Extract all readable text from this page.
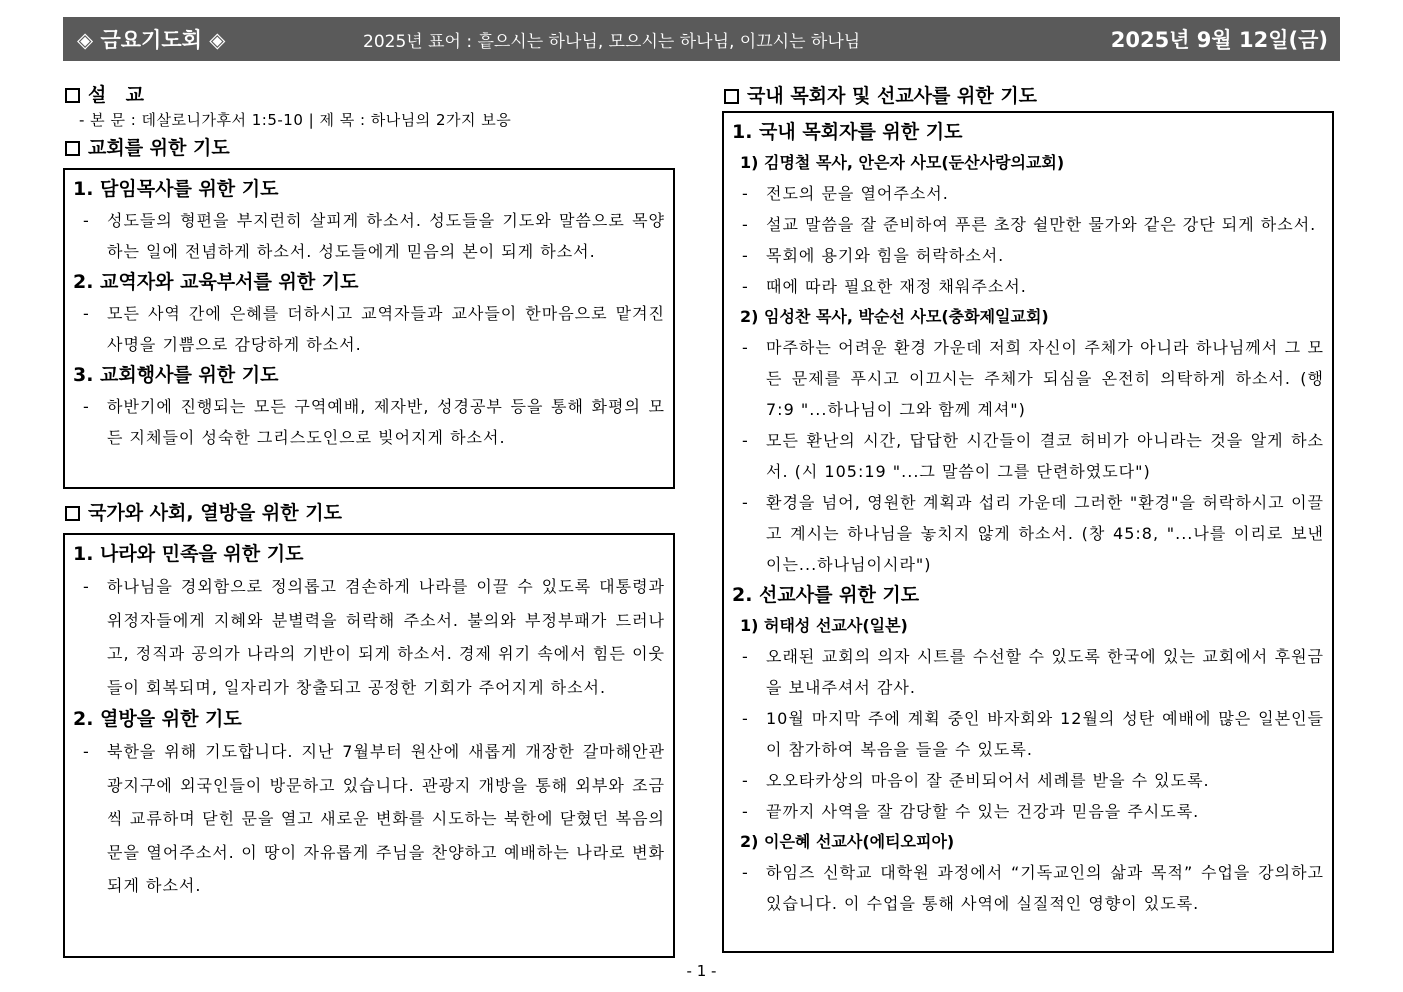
◈ 금요기도회 ◈	2025년 표어 : 흩으시는 하나님, 모으시는 하나님, 이끄시는 하나님	2025년 9월 12일(금)
설  교
- 본 문 : 데살로니가후서 1:5-10 | 제 목 : 하나님의 2가지 보응
교회를 위한 기도
1. 담임목사를 위한 기도
- 성도들의 형편을 부지런히 살피게 하소서. 성도들을 기도와 말씀으로 목양하는 일에 전념하게 하소서. 성도들에게 믿음의 본이 되게 하소서.
2. 교역자와 교육부서를 위한 기도
- 모든 사역 간에 은혜를 더하시고 교역자들과 교사들이 한마음으로 맡겨진 사명을 기쁨으로 감당하게 하소서.
3. 교회행사를 위한 기도
- 하반기에 진행되는 모든 구역예배, 제자반, 성경공부 등을 통해 화평의 모든 지체들이 성숙한 그리스도인으로 빚어지게 하소서.
국가와 사회, 열방을 위한 기도
1. 나라와 민족을 위한 기도
- 하나님을 경외함으로 정의롭고 겸손하게 나라를 이끌 수 있도록 대통령과 위정자들에게 지혜와 분별력을 허락해 주소서. 불의와 부정부패가 드러나고, 정직과 공의가 나라의 기반이 되게 하소서. 경제 위기 속에서 힘든 이웃들이 회복되며, 일자리가 창출되고 공정한 기회가 주어지게 하소서.
2. 열방을 위한 기도
- 북한을 위해 기도합니다. 지난 7월부터 원산에 새롭게 개장한 갈마해안관광지구에 외국인들이 방문하고 있습니다. 관광지 개방을 통해 외부와 조금씩 교류하며 닫힌 문을 열고 새로운 변화를 시도하는 북한에 닫혔던 복음의 문을 열어주소서. 이 땅이 자유롭게 주님을 찬양하고 예배하는 나라로 변화되게 하소서.
국내 목회자 및 선교사를 위한 기도
1. 국내 목회자를 위한 기도
1) 김명철 목사, 안은자 사모(둔산사랑의교회)
- 전도의 문을 열어주소서.
- 설교 말씀을 잘 준비하여 푸른 초장 쉴만한 물가와 같은 강단 되게 하소서.
- 목회에 용기와 힘을 허락하소서.
- 때에 따라 필요한 재정 채워주소서.
2) 임성찬 목사, 박순선 사모(충화제일교회)
- 마주하는 어려운 환경 가운데 저희 자신이 주체가 아니라 하나님께서 그 모든 문제를 푸시고 이끄시는 주체가 되심을 온전히 의탁하게 하소서. (행 7:9 "...하나님이 그와 함께 계셔")
- 모든 환난의 시간, 답답한 시간들이 결코 허비가 아니라는 것을 알게 하소서. (시 105:19 "...그 말씀이 그를 단련하였도다")
- 환경을 넘어, 영원한 계획과 섭리 가운데 그러한 "환경"을 허락하시고 이끌고 계시는 하나님을 놓치지 않게 하소서. (창 45:8, "...나를 이리로 보낸 이는...하나님이시라")
2. 선교사를 위한 기도
1) 허태성 선교사(일본)
- 오래된 교회의 의자 시트를 수선할 수 있도록 한국에 있는 교회에서 후원금을 보내주셔서 감사.
- 10월 마지막 주에 계획 중인 바자회와 12월의 성탄 예배에 많은 일본인들이 참가하여 복음을 들을 수 있도록.
- 오오타카상의 마음이 잘 준비되어서 세례를 받을 수 있도록.
- 끝까지 사역을 잘 감당할 수 있는 건강과 믿음을 주시도록.
2) 이은혜 선교사(에티오피아)
- 하임즈 신학교 대학원 과정에서 “기독교인의 삶과 목적” 수업을 강의하고 있습니다. 이 수업을 통해 사역에 실질적인 영향이 있도록.
- 1 -
